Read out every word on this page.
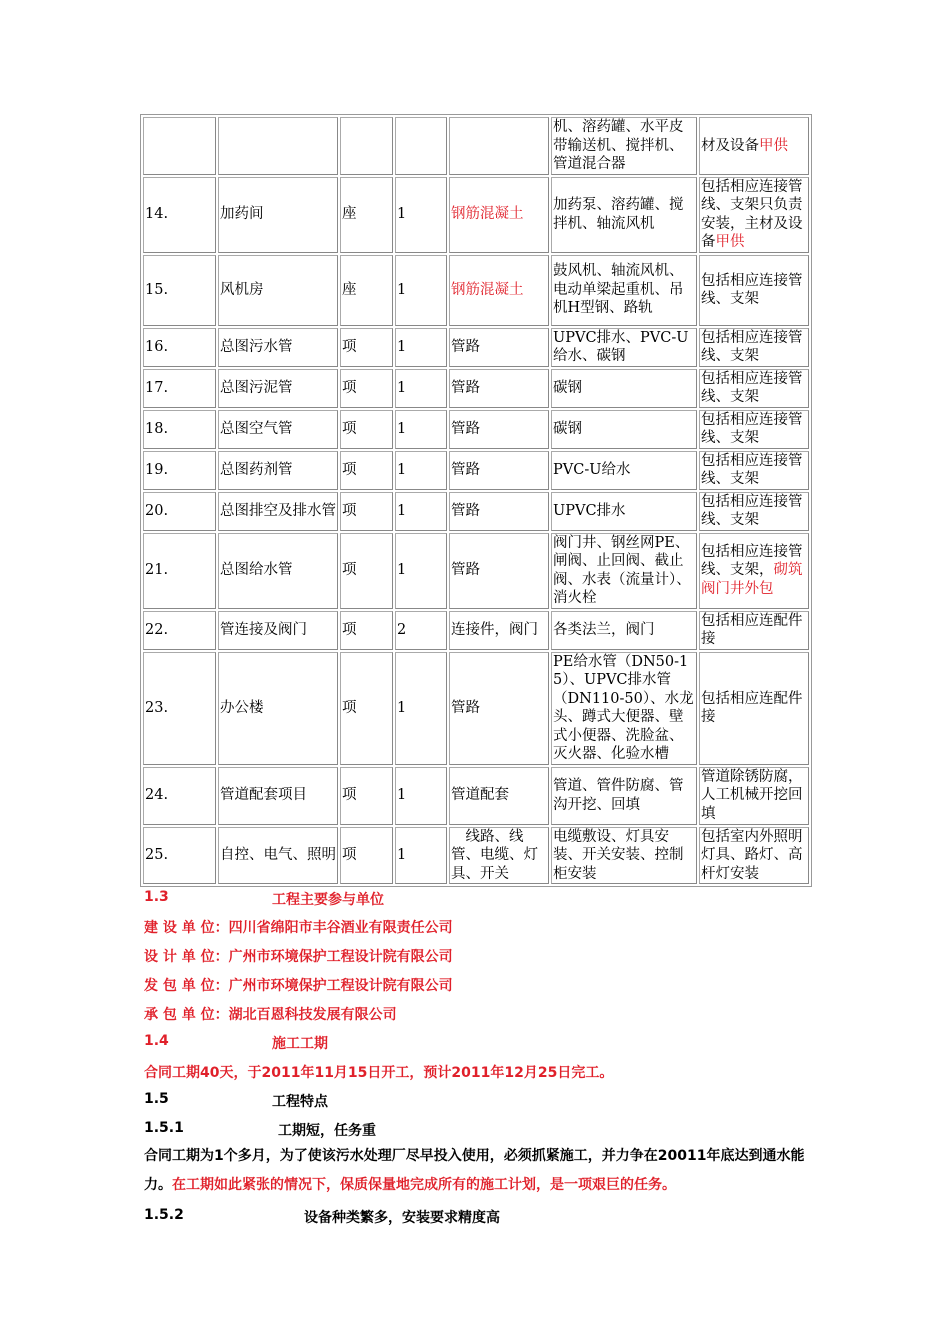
					机、溶药罐、水平皮带输送机、搅拌机、管道混合器	材及设备甲供
14.	加药间	座	1	钢筋混凝土	加药泵、溶药罐、搅拌机、轴流风机	包括相应连接管线、支架只负责安装，主材及设备甲供
15.	风机房	座	1	钢筋混凝土	鼓风机、轴流风机、电动单梁起重机、吊机H型钢、路轨	包括相应连接管线、支架
16.	总图污水管	项	1	管路	UPVC排水、PVC-U给水、碳钢	包括相应连接管线、支架
17.	总图污泥管	项	1	管路	碳钢	包括相应连接管线、支架
18.	总图空气管	项	1	管路	碳钢	包括相应连接管线、支架
19.	总图药剂管	项	1	管路	PVC-U给水	包括相应连接管线、支架
20.	总图排空及排水管	项	1	管路	UPVC排水	包括相应连接管线、支架
21.	总图给水管	项	1	管路	阀门井、钢丝网PE、闸阀、止回阀、截止阀、水表（流量计）、消火栓	包括相应连接管线、支架，砌筑阀门井外包
22.	管连接及阀门	项	2	连接件，阀门	各类法兰，阀门	包括相应连配件接
23.	办公楼	项	1	管路	PE给水管（DN50-15）、UPVC排水管（DN110-50）、水龙头、蹲式大便器、壁式小便器、洗脸盆、灭火器、化验水槽	包括相应连配件接
24.	管道配套项目	项	1	管道配套	管道、管件防腐、管沟开挖、回填	管道除锈防腐，人工机械开挖回填
25.	自控、电气、照明	项	1	　线路、线管、电缆、灯具、开关	电缆敷设、灯具安装、开关安装、控制柜安装	包括室内外照明灯具、路灯、高杆灯安装
1.3	工程主要参与单位
建 设 单 位：四川省绵阳市丰谷酒业有限责任公司
设 计 单 位：广州市环境保护工程设计院有限公司
发 包 单 位：广州市环境保护工程设计院有限公司
承 包 单 位：湖北百恩科技发展有限公司
1.4	施工工期
合同工期40天，于2011年11月15日开工，预计2011年12月25日完工。
1.5	工程特点
1.5.1	工期短，任务重
合同工期为1个多月，为了使该污水处理厂尽早投入使用，必须抓紧施工，并力争在20011年底达到通水能力。在工期如此紧张的情况下，保质保量地完成所有的施工计划，是一项艰巨的任务。
1.5.2	设备种类繁多，安装要求精度高
